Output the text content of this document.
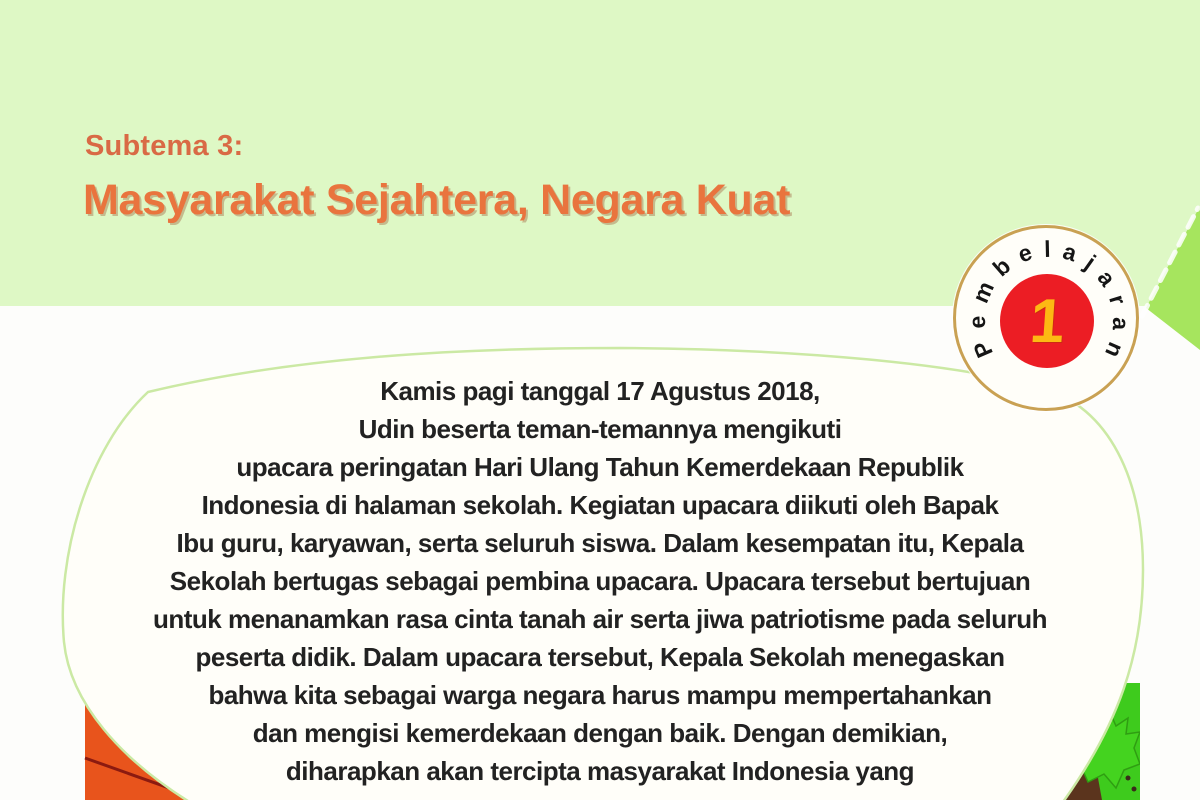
Subtema 3:
Masyarakat Sejahtera, Negara Kuat
Kamis pagi tanggal 17 Agustus 2018,
Udin beserta teman-temannya mengikuti
upacara peringatan Hari Ulang Tahun Kemerdekaan Republik
Indonesia di halaman sekolah. Kegiatan upacara diikuti oleh Bapak
Ibu guru, karyawan, serta seluruh siswa. Dalam kesempatan itu, Kepala
Sekolah bertugas sebagai pembina upacara. Upacara tersebut bertujuan
untuk menanamkan rasa cinta tanah air serta jiwa patriotisme pada seluruh
peserta didik. Dalam upacara tersebut, Kepala Sekolah menegaskan
bahwa kita sebagai warga negara harus mampu mempertahankan
dan mengisi kemerdekaan dengan baik. Dengan demikian,
diharapkan akan tercipta masyarakat Indonesia yang
Pembelajaran
1
